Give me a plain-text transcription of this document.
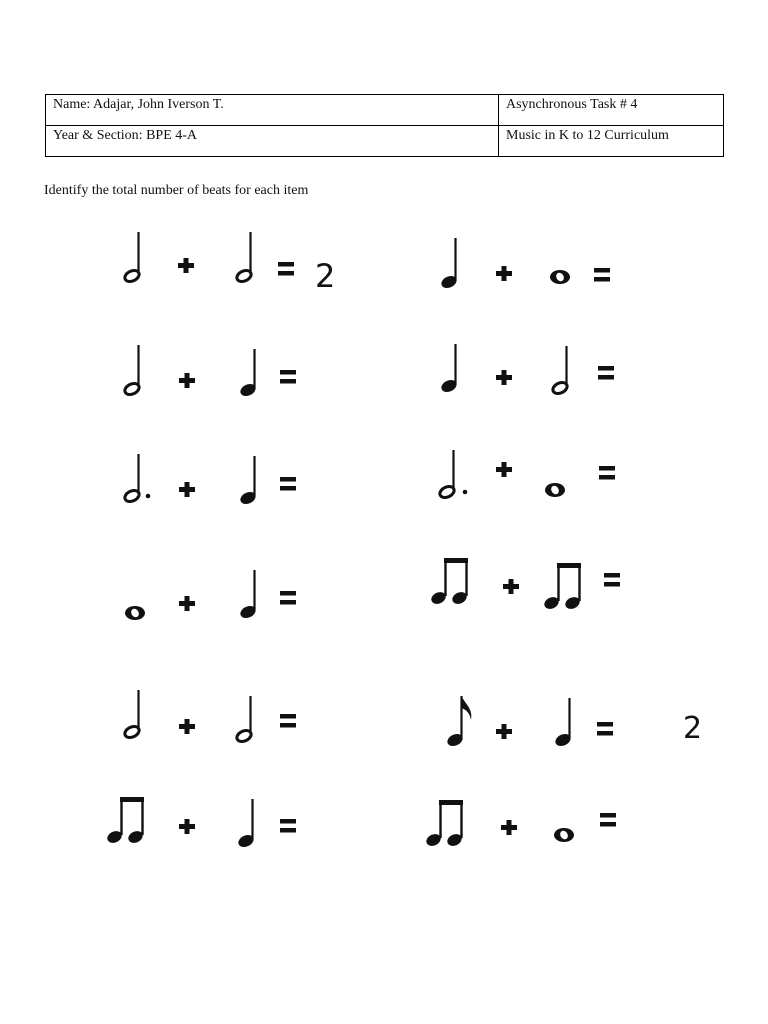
Name: Adajar, John Iverson T.	Asynchronous Task # 4
Year & Section: BPE 4-A	Music in K to 12 Curriculum

Identify the total number of beats for each item

2
2
